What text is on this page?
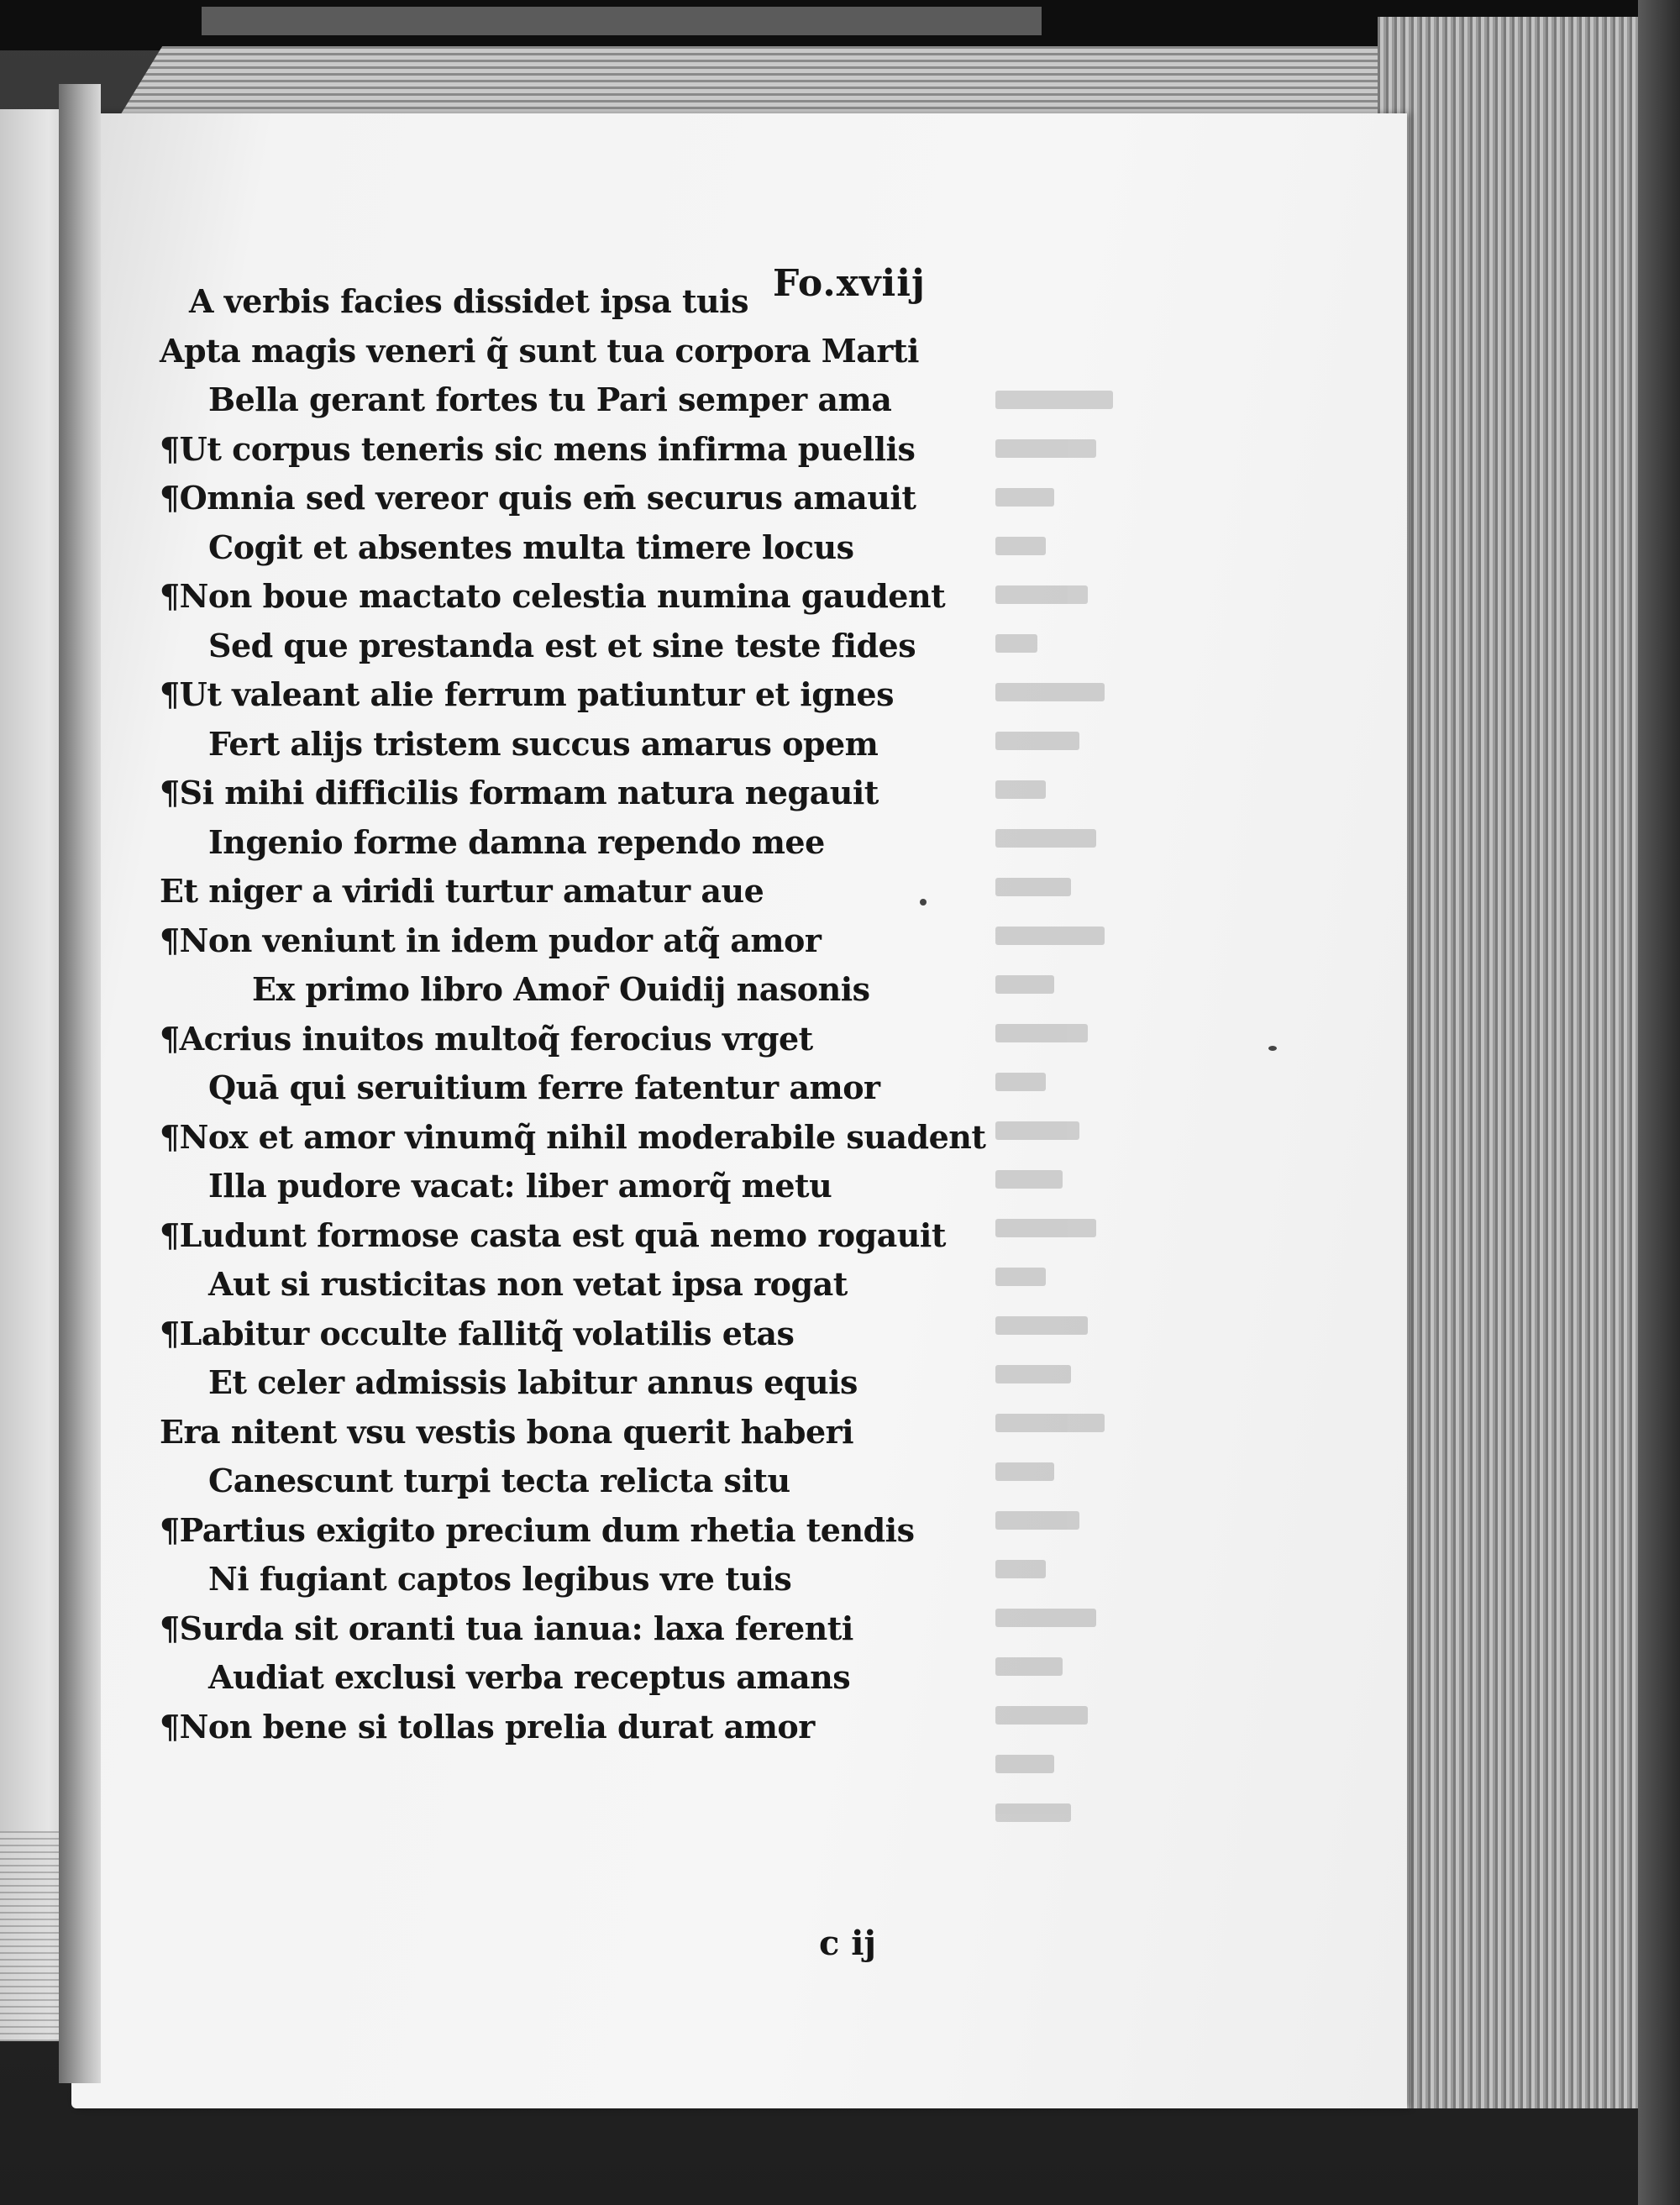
Fo.xviij

A verbis facies dissidet ipsa tuis
Apta magis veneri q̃ sunt tua corpora Marti
Bella gerant fortes tu Pari semper ama
¶Ut corpus teneris sic mens infirma puellis
¶Omnia sed vereor quis em̄ securus amauit
Cogit et absentes multa timere locus
¶Non boue mactato celestia numina gaudent
Sed que prestanda est et sine teste fides
¶Ut valeant alie ferrum patiuntur et ignes
Fert alijs tristem succus amarus opem
¶Si mihi difficilis formam natura negauit
Ingenio forme damna rependo mee
Et niger a viridi turtur amatur aue
¶Non veniunt in idem pudor atq̃ amor
Ex primo libro Amor̄ Ouidij nasonis
¶Acrius inuitos multoq̃ ferocius vrget
Quā qui seruitium ferre fatentur amor
¶Nox et amor vinumq̃ nihil moderabile suadent
Illa pudore vacat: liber amorq̃ metu
¶Ludunt formose casta est quā nemo rogauit
Aut si rusticitas non vetat ipsa rogat
¶Labitur occulte fallitq̃ volatilis etas
Et celer admissis labitur annus equis
Era nitent vsu vestis bona querit haberi
Canescunt turpi tecta relicta situ
¶Partius exigito precium dum rhetia tendis
Ni fugiant captos legibus vre tuis
¶Surda sit oranti tua ianua: laxa ferenti
Audiat exclusi verba receptus amans
¶Non bene si tollas prelia durat amor

c ij
